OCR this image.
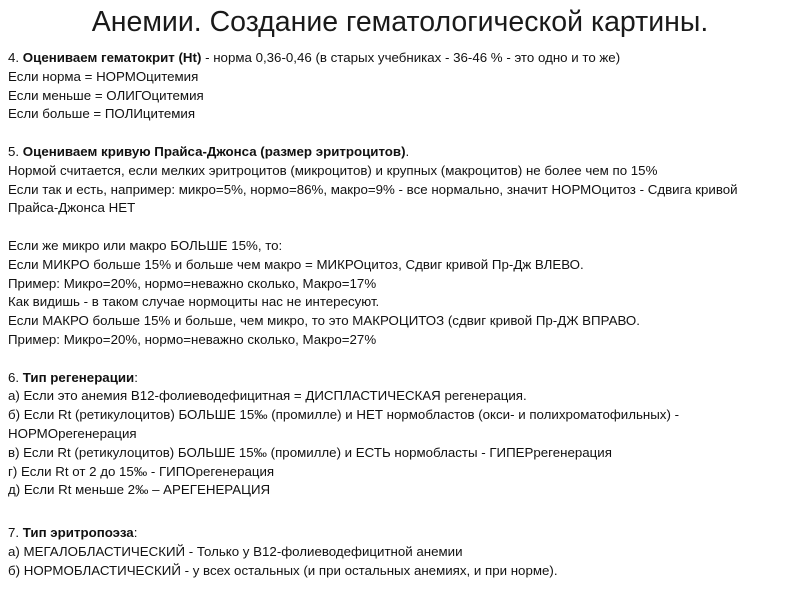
Анемии. Создание гематологической картины.
4. Оцениваем гематокрит (Ht) - норма 0,36-0,46 (в старых учебниках - 36-46 % - это одно и то же)
Если норма = НОРМОцитемия
Если меньше = ОЛИГОцитемия
Если больше = ПОЛИцитемия
5. Оцениваем кривую Прайса-Джонса (размер эритроцитов).
Нормой считается, если мелких эритроцитов (микроцитов) и крупных (макроцитов) не более чем по 15%
Если так и есть, например: микро=5%, нормо=86%, макро=9% - все нормально, значит НОРМОцитоз - Сдвига кривой
Прайса-Джонса НЕТ
Если же микро или макро БОЛЬШЕ 15%, то:
Если МИКРО больше 15% и больше чем макро = МИКРОцитоз, Сдвиг кривой Пр-Дж ВЛЕВО.
Пример: Микро=20%, нормо=неважно сколько, Макро=17%
Как видишь - в таком случае нормоциты нас не интересуют.
Если МАКРО больше 15% и больше, чем микро, то это МАКРОЦИТОЗ (сдвиг кривой Пр-ДЖ ВПРАВО.
Пример: Микро=20%, нормо=неважно сколько, Макро=27%
6. Тип регенерации:
а) Если это анемия В12-фолиеводефицитная = ДИСПЛАСТИЧЕСКАЯ регенерация.
б) Если Rt (ретикулоцитов) БОЛЬШЕ 15‰ (промилле) и НЕТ нормобластов (окси- и полихроматофильных) -
НОРМОрегенерация
в) Если Rt (ретикулоцитов) БОЛЬШЕ 15‰ (промилле) и ЕСТЬ нормобласты - ГИПЕРрегенерация
г) Если Rt от 2 до 15‰ - ГИПОрегенерация
д) Если Rt меньше 2‰ – АРЕГЕНЕРАЦИЯ
7. Тип эритропоэза:
а) МЕГАЛОБЛАСТИЧЕСКИЙ - Только у В12-фолиеводефицитной анемии
б) НОРМОБЛАСТИЧЕСКИЙ - у всех остальных (и при остальных анемиях, и при норме).
